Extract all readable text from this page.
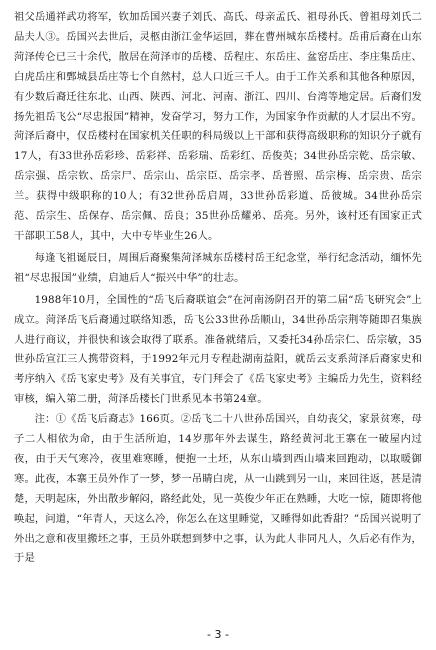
祖父岳通祥武功将军，钦加岳国兴妻子刘氏、高氏、母亲孟氏、祖母孙氏、曾祖母刘氏二品夫人③。岳国兴去世后，灵柩由浙江金华运回，葬在曹州城东岳楼村。岳甫后裔在山东菏泽传仑已三十余代，散居在菏泽市的岳楼、岳程庄、东岳庄、盆窑岳庄、李庄集岳庄、白虎岳庄和鄄城县岳庄等七个自然村，总人口近三千人。由于工作关系和其他各种原因，有少数后裔迁往东北、山西、陕西、河北、河南、浙江、四川、台湾等地定居。后裔们发扬先祖岳飞公“尽忠报国”精神，发奋学习，努力工作，为国家争作贡献的人才层出不穷。菏泽后裔中，仅岳楼村在国家机关任职的科局级以上干部和获得高级职称的知识分子就有17人，有33世孙岳彩珍、岳彩祥、岳彩瑞、岳彩红、岳俊英；34世孙岳宗乾、岳宗敏、岳宗强、岳宗钦、岳宗尸、岳宗山、岳宗臣、岳宗孝、岳普照、岳宗梅、岳宗贵、岳宗兰。获得中级职称的10人；有32世孙岳启周，33世孙岳彩道、岳彼城。34世孙岳宗范、岳宗生、岳保存、岳宗佩、岳良；35世孙岳耀弟、岳亮。另外，该村还有国家正式干部职工58人，其中，大中专毕业生26人。

每逢飞祖诞辰日，周围后裔聚集菏泽城东岳楼村岳王纪念堂，举行纪念活动，缅怀先祖“尽忠报国”业绩，启迪后人“振兴中华”的壮志。

1988年10月，全国性的“岳飞后裔联谊会”在河南汤阴召开的第二届“岳飞研究会”上成立。菏泽岳飞后裔通过联络知悉，岳飞公33世孙岳顺山，34世孙岳宗荆等随即召集族人进行商议，并很快和该会取得了联系。准备就绪后，又委托34孙岳宗仁、岳宗敏，35世孙岳宣江三人携带资料，于1992年元月专程赴湖南益阳，就岳云支系菏泽后裔家史和考序纳入《岳飞家史考》及有关事宜，专门拜会了《岳飞家史考》主编岳力先生，资料经审核，编入第二册，菏泽岳楼长门世系见本书第24章。

注：①《岳飞后裔志》166页。②岳飞二十八世孙岳国兴，自幼丧父，家景贫寒，母子二人相依为命，由于生活所迫，14岁那年外去谋生，路经黄河北王寨在一破屋内过夜，由于天气寒冷，夜里难寒睡，便抱一土坯，从东山墙到西山墙来回跑动，以取暖御寒。此夜，本寨王员外作了一梦，梦一吊睛白虎，从一山跳到另一山，来回往返，甚是清楚，天明起床，外出散步解闷，路经此处，见一英俊少年正在熟睡，大吃一惊，随即将他唤起，问道，“年青人，天这么冷，你怎么在这里睡觉，又睡得如此香甜？”岳国兴说明了外出之意和夜里搬坯之事，王员外联想到梦中之事，认为此人非同凡人，久后必有作为，于是

- 3 -
